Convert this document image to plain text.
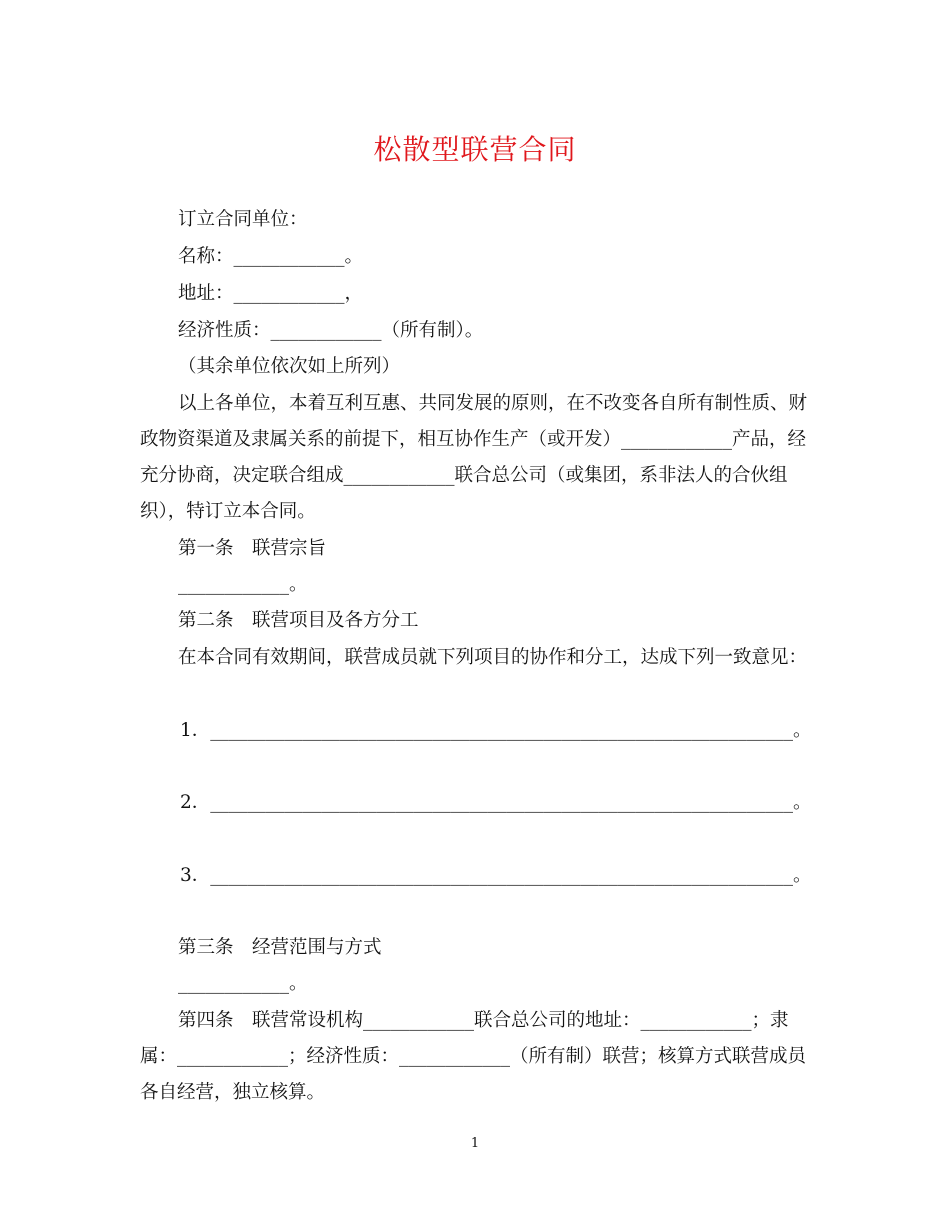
松散型联营合同
订立合同单位：
名称：____________。
地址：____________，
经济性质：____________（所有制）。
（其余单位依次如上所列）
以上各单位，本着互利互惠、共同发展的原则，在不改变各自所有制性质、财
政物资渠道及隶属关系的前提下，相互协作生产（或开发）____________产品，经
充分协商，决定联合组成____________联合总公司（或集团，系非法人的合伙组
织），特订立本合同。
第一条　联营宗旨
____________。
第二条　联营项目及各方分工
在本合同有效期间，联营成员就下列项目的协作和分工，达成下列一致意见：
1．_______________________________________________________________。
2．_______________________________________________________________。
3．_______________________________________________________________。
第三条　经营范围与方式
____________。
第四条　联营常设机构____________联合总公司的地址：____________；隶
属：____________；经济性质：____________（所有制）联营；核算方式联营成员
各自经营，独立核算。
1
